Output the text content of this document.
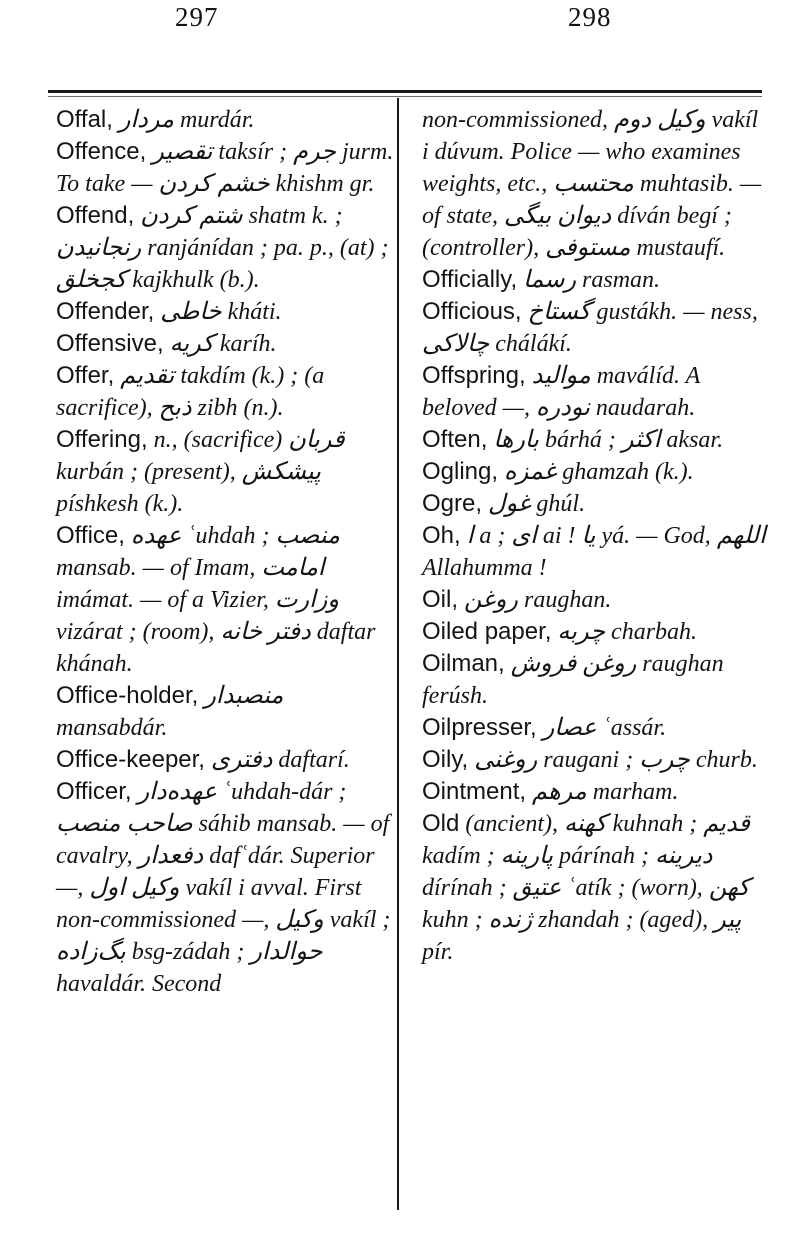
297	298
Offal, مردار murdár.
Offence, تقصیر taksír ; جرم jurm. To take — خشم کردن khishm gr.
Offend, شتم کردن shatm k. ; رنجانیدن ranjánídan ; pa. p., (at) ; کجخلق kajkhulk (b.).
Offender, خاطی kháti.
Offensive, کریه karíh.
Offer, تقدیم takdím (k.) ; (a sacrifice), ذبح zibh (n.).
Offering, n., (sacrifice) قربان kurbán ; (present), پیشکش píshkesh (k.).
Office, عهده ʿuhdah ; منصب mansab. — of Imam, امامت imámat. — of a Vizier, وزارت vizárat ; (room), دفتر خانه daftar khánah.
Office-holder, منصبدار mansabdár.
Office-keeper, دفتری daftarí.
Officer, عهده‌دار ʿuhdah-dár ; صاحب منصب sáhib mansab. — of cavalry, دفعدار dafʿdár. Superior —, وکیل اول vakíl i avval. First non-commissioned —, وکیل vakíl ; بگ‌زاده bsg-zádah ; حوالدار havaldár. Second
non-commissioned, وکیل دوم vakíl i dúvum. Police — who examines weights, etc., محتسب muhtasib. — of state, دیوان بیگی díván begí ; (controller), مستوفی mustaufí.
Officially, رسما rasman.
Officious, گستاخ gustákh. — ness, چالاکی chálákí.
Offspring, موالید maválíd. A beloved —, نودره naudarah.
Often, بارها bárhá ; اکثر aksar.
Ogling, غمزه ghamzah (k.).
Ogre, غول ghúl.
Oh, ا a ; ای ai ! یا yá. — God, اللهم Allahumma !
Oil, روغن raughan.
Oiled paper, چربه charbah.
Oilman, روغن فروش raughan ferúsh.
Oilpresser, عصار ʿassár.
Oily, روغنی raugani ; چرب churb.
Ointment, مرهم marham.
Old (ancient), کهنه kuhnah ; قدیم kadím ; پارینه párínah ; دیرینه dírínah ; عتیق ʿatík ; (worn), کهن kuhn ; ژنده zhandah ; (aged), پیر pír.
